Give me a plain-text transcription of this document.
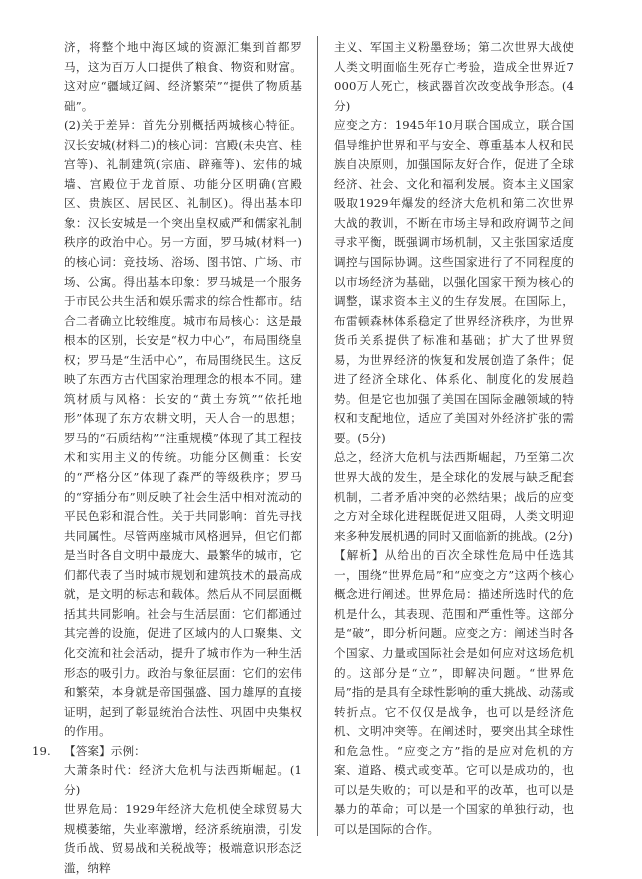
济，将整个地中海区域的资源汇集到首都罗马，这为百万人口提供了粮食、物资和财富。这对应“疆域辽阔、经济繁荣”“提供了物质基础”。

(2)关于差异：首先分别概括两城核心特征。汉长安城(材料二)的核心词：宫殿(未央宫、桂宫等)、礼制建筑(宗庙、辟雍等)、宏伟的城墙、宫殿位于龙首原、功能分区明确(宫殿区、贵族区、居民区、礼制区)。得出基本印象：汉长安城是一个突出皇权威严和儒家礼制秩序的政治中心。另一方面，罗马城(材料一)的核心词：竞技场、浴场、图书馆、广场、市场、公寓。得出基本印象：罗马城是一个服务于市民公共生活和娱乐需求的综合性都市。结合二者确立比较维度。城市布局核心：这是最根本的区别，长安是“权力中心”，布局围绕皇权；罗马是“生活中心”，布局围绕民生。这反映了东西方古代国家治理理念的根本不同。建筑材质与风格：长安的“黄土夯筑”“依托地形”体现了东方农耕文明，天人合一的思想；罗马的“石质结构”“注重规模”体现了其工程技术和实用主义的传统。功能分区侧重：长安的“严格分区”体现了森严的等级秩序；罗马的“穿插分布”则反映了社会生活中相对流动的平民色彩和混合性。关于共同影响：首先寻找共同属性。尽管两座城市风格迥异，但它们都是当时各自文明中最庞大、最繁华的城市，它们都代表了当时城市规划和建筑技术的最高成就，是文明的标志和载体。然后从不同层面概括其共同影响。社会与生活层面：它们都通过其完善的设施，促进了区域内的人口聚集、文化交流和社会活动，提升了城市作为一种生活形态的吸引力。政治与象征层面：它们的宏伟和繁荣，本身就是帝国强盛、国力雄厚的直接证明，起到了彰显统治合法性、巩固中央集权的作用。

19. 【答案】示例：

大萧条时代：经济大危机与法西斯崛起。(1分)

世界危局：1929年经济大危机使全球贸易大规模萎缩，失业率激增，经济系统崩溃，引发货币战、贸易战和关税战等；极端意识形态泛滥，纳粹

主义、军国主义粉墨登场；第二次世界大战使人类文明面临生死存亡考验，造成全世界近7 000万人死亡，核武器首次改变战争形态。(4分)

应变之方：1945年10月联合国成立，联合国倡导维护世界和平与安全、尊重基本人权和民族自决原则，加强国际友好合作，促进了全球经济、社会、文化和福利发展。资本主义国家吸取1929年爆发的经济大危机和第二次世界大战的教训，不断在市场主导和政府调节之间寻求平衡，既强调市场机制，又主张国家适度调控与国际协调。这些国家进行了不同程度的以市场经济为基础，以强化国家干预为核心的调整，谋求资本主义的生存发展。在国际上，布雷顿森林体系稳定了世界经济秩序，为世界货币关系提供了标准和基础；扩大了世界贸易，为世界经济的恢复和发展创造了条件；促进了经济全球化、体系化、制度化的发展趋势。但是它也加强了美国在国际金融领域的特权和支配地位，适应了美国对外经济扩张的需要。(5分)

总之，经济大危机与法西斯崛起，乃至第二次世界大战的发生，是全球化的发展与缺乏配套机制，二者矛盾冲突的必然结果；战后的应变之方对全球化进程既促进又阻碍，人类文明迎来多种发展机遇的同时又面临新的挑战。(2分)

【解析】从给出的百次全球性危局中任选其一，围绕“世界危局”和“应变之方”这两个核心概念进行阐述。世界危局：描述所选时代的危机是什么，其表现、范围和严重性等。这部分是“破”，即分析问题。应变之方：阐述当时各个国家、力量或国际社会是如何应对这场危机的。这部分是“立”，即解决问题。“世界危局”指的是具有全球性影响的重大挑战、动荡或转折点。它不仅仅是战争，也可以是经济危机、文明冲突等。在阐述时，要突出其全球性和危急性。“应变之方”指的是应对危机的方案、道路、模式或变革。它可以是成功的，也可以是失败的；可以是和平的改革，也可以是暴力的革命；可以是一个国家的单独行动，也可以是国际的合作。
